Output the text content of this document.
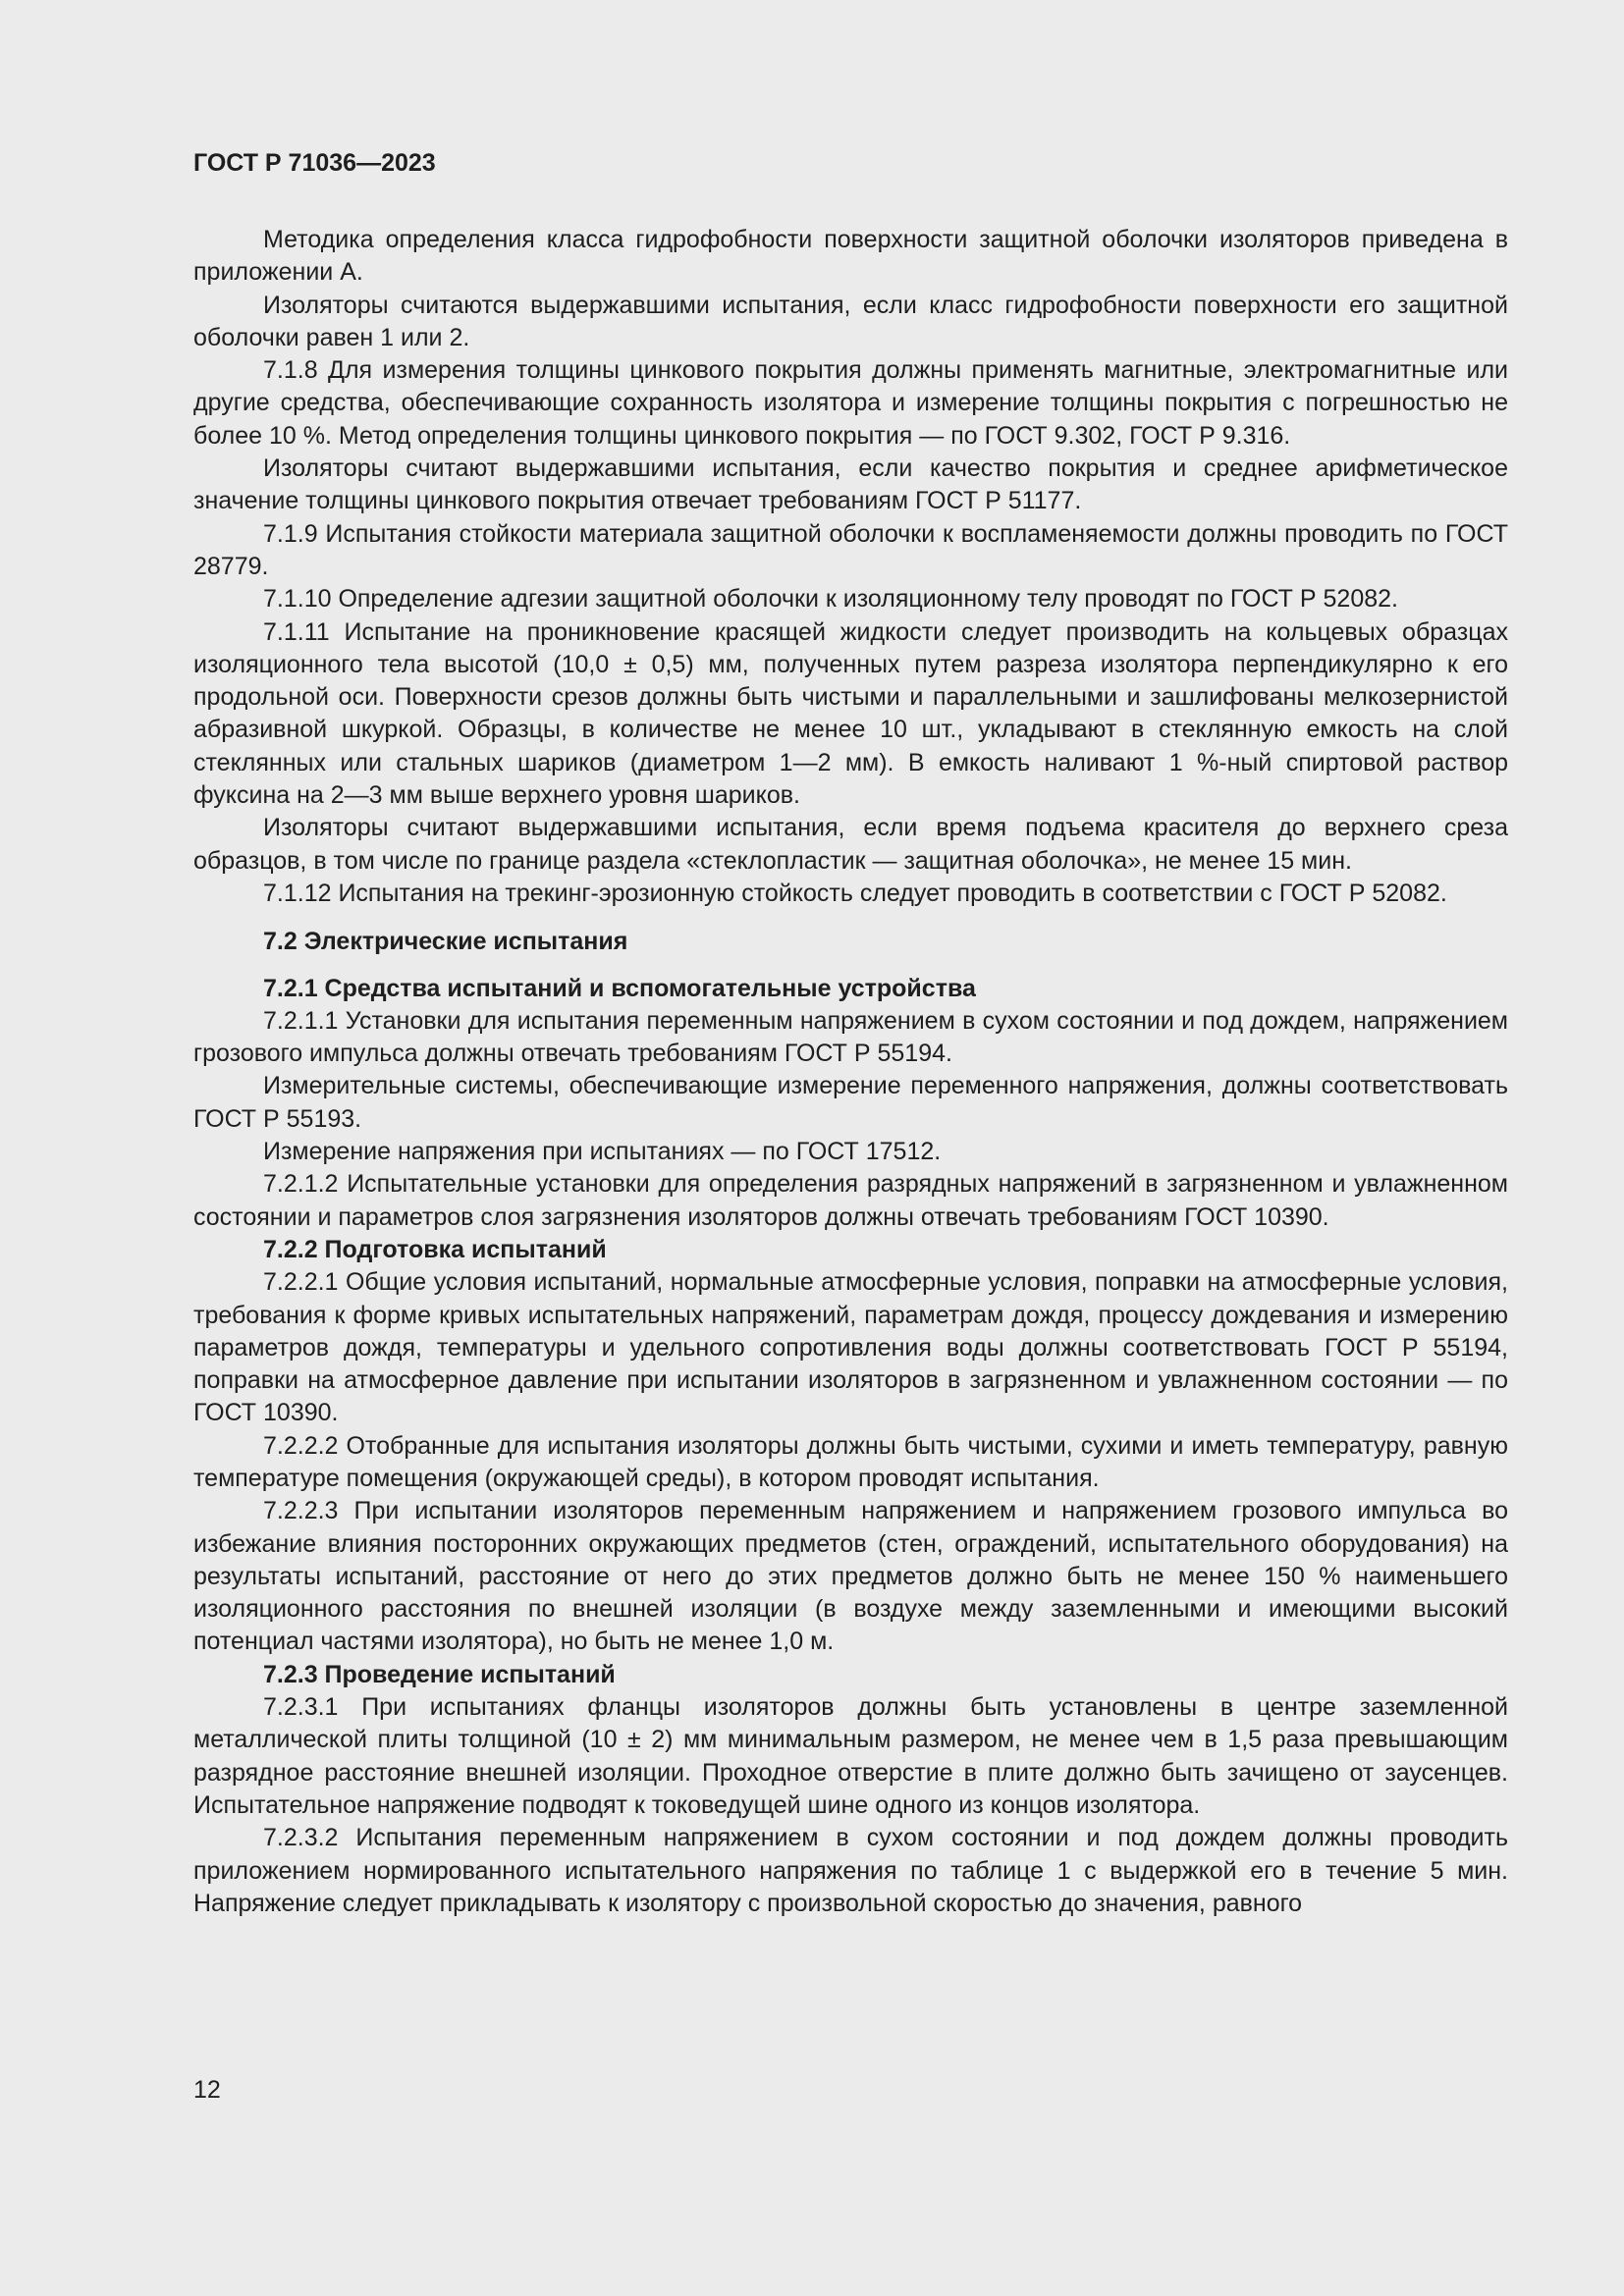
ГОСТ Р 71036—2023
Методика определения класса гидрофобности поверхности защитной оболочки изоляторов приведена в приложении А.
Изоляторы считаются выдержавшими испытания, если класс гидрофобности поверхности его защитной оболочки равен 1 или 2.
7.1.8 Для измерения толщины цинкового покрытия должны применять магнитные, электромагнитные или другие средства, обеспечивающие сохранность изолятора и измерение толщины покрытия с погрешностью не более 10 %. Метод определения толщины цинкового покрытия — по ГОСТ 9.302, ГОСТ Р 9.316.
Изоляторы считают выдержавшими испытания, если качество покрытия и среднее арифметическое значение толщины цинкового покрытия отвечает требованиям ГОСТ Р 51177.
7.1.9 Испытания стойкости материала защитной оболочки к воспламеняемости должны проводить по ГОСТ 28779.
7.1.10 Определение адгезии защитной оболочки к изоляционному телу проводят по ГОСТ Р 52082.
7.1.11 Испытание на проникновение красящей жидкости следует производить на кольцевых образцах изоляционного тела высотой (10,0 ± 0,5) мм, полученных путем разреза изолятора перпендикулярно к его продольной оси. Поверхности срезов должны быть чистыми и параллельными и зашлифованы мелкозернистой абразивной шкуркой. Образцы, в количестве не менее 10 шт., укладывают в стеклянную емкость на слой стеклянных или стальных шариков (диаметром 1—2 мм). В емкость наливают 1 %-ный спиртовой раствор фуксина на 2—3 мм выше верхнего уровня шариков.
Изоляторы считают выдержавшими испытания, если время подъема красителя до верхнего среза образцов, в том числе по границе раздела «стеклопластик — защитная оболочка», не менее 15 мин.
7.1.12 Испытания на трекинг-эрозионную стойкость следует проводить в соответствии с ГОСТ Р 52082.
7.2 Электрические испытания
7.2.1 Средства испытаний и вспомогательные устройства
7.2.1.1 Установки для испытания переменным напряжением в сухом состоянии и под дождем, напряжением грозового импульса должны отвечать требованиям ГОСТ Р 55194.
Измерительные системы, обеспечивающие измерение переменного напряжения, должны соответствовать ГОСТ Р 55193.
Измерение напряжения при испытаниях — по ГОСТ 17512.
7.2.1.2 Испытательные установки для определения разрядных напряжений в загрязненном и увлажненном состоянии и параметров слоя загрязнения изоляторов должны отвечать требованиям ГОСТ 10390.
7.2.2 Подготовка испытаний
7.2.2.1 Общие условия испытаний, нормальные атмосферные условия, поправки на атмосферные условия, требования к форме кривых испытательных напряжений, параметрам дождя, процессу дождевания и измерению параметров дождя, температуры и удельного сопротивления воды должны соответствовать ГОСТ Р 55194, поправки на атмосферное давление при испытании изоляторов в загрязненном и увлажненном состоянии — по ГОСТ 10390.
7.2.2.2 Отобранные для испытания изоляторы должны быть чистыми, сухими и иметь температуру, равную температуре помещения (окружающей среды), в котором проводят испытания.
7.2.2.3 При испытании изоляторов переменным напряжением и напряжением грозового импульса во избежание влияния посторонних окружающих предметов (стен, ограждений, испытательного оборудования) на результаты испытаний, расстояние от него до этих предметов должно быть не менее 150 % наименьшего изоляционного расстояния по внешней изоляции (в воздухе между заземленными и имеющими высокий потенциал частями изолятора), но быть не менее 1,0 м.
7.2.3 Проведение испытаний
7.2.3.1 При испытаниях фланцы изоляторов должны быть установлены в центре заземленной металлической плиты толщиной (10 ± 2) мм минимальным размером, не менее чем в 1,5 раза превышающим разрядное расстояние внешней изоляции. Проходное отверстие в плите должно быть зачищено от заусенцев. Испытательное напряжение подводят к токоведущей шине одного из концов изолятора.
7.2.3.2 Испытания переменным напряжением в сухом состоянии и под дождем должны проводить приложением нормированного испытательного напряжения по таблице 1 с выдержкой его в течение 5 мин. Напряжение следует прикладывать к изолятору с произвольной скоростью до значения, равного
12
